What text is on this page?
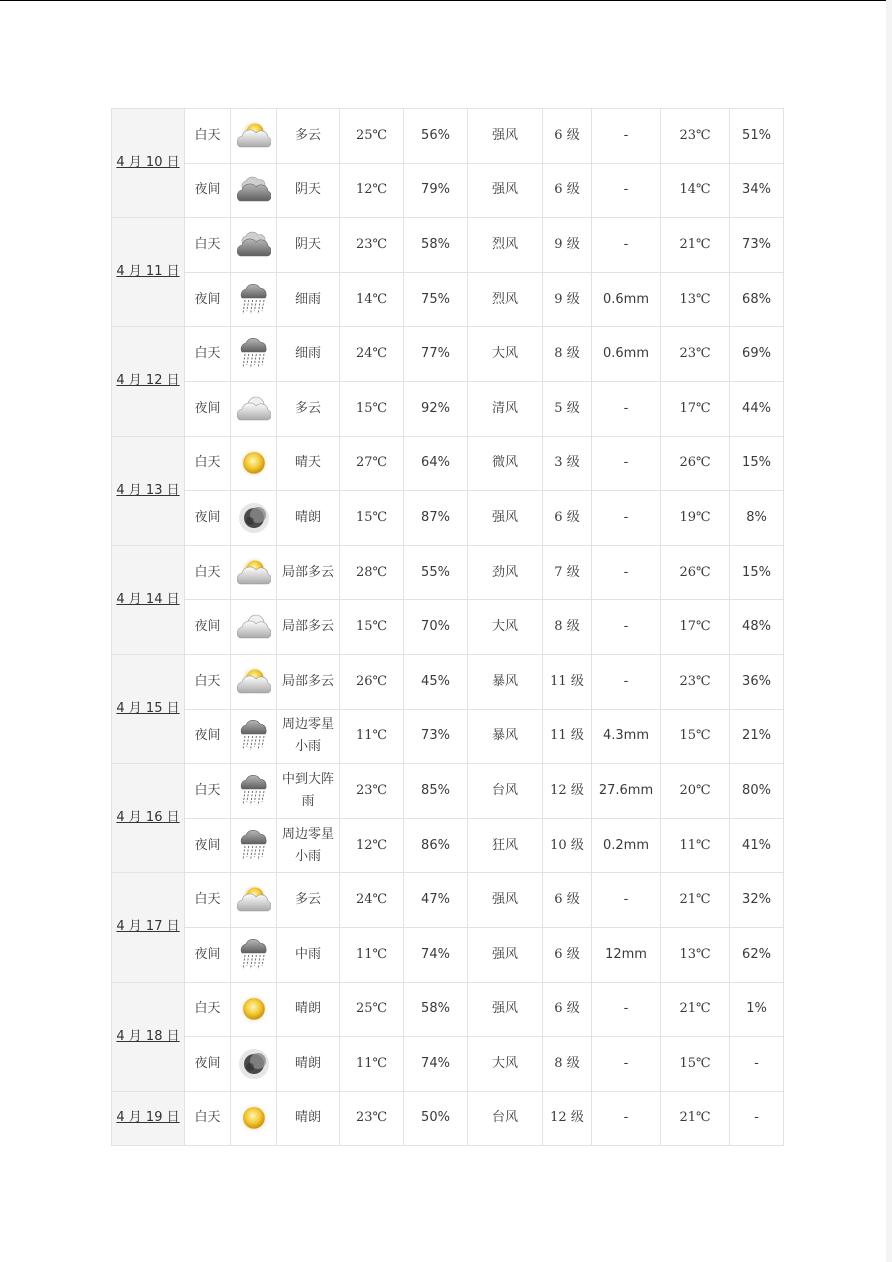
4 月 10 日	白天		多云	25℃	56%	强风	6 级	-	23℃	51%
	夜间		阴天	12℃	79%	强风	6 级	-	14℃	34%
4 月 11 日	白天		阴天	23℃	58%	烈风	9 级	-	21℃	73%
	夜间		细雨	14℃	75%	烈风	9 级	0.6mm	13℃	68%
4 月 12 日	白天		细雨	24℃	77%	大风	8 级	0.6mm	23℃	69%
	夜间		多云	15℃	92%	清风	5 级	-	17℃	44%
4 月 13 日	白天		晴天	27℃	64%	微风	3 级	-	26℃	15%
	夜间		晴朗	15℃	87%	强风	6 级	-	19℃	8%
4 月 14 日	白天		局部多云	28℃	55%	劲风	7 级	-	26℃	15%
	夜间		局部多云	15℃	70%	大风	8 级	-	17℃	48%
4 月 15 日	白天		局部多云	26℃	45%	暴风	11 级	-	23℃	36%
	夜间		周边零星小雨	11℃	73%	暴风	11 级	4.3mm	15℃	21%
4 月 16 日	白天		中到大阵雨	23℃	85%	台风	12 级	27.6mm	20℃	80%
	夜间		周边零星小雨	12℃	86%	狂风	10 级	0.2mm	11℃	41%
4 月 17 日	白天		多云	24℃	47%	强风	6 级	-	21℃	32%
	夜间		中雨	11℃	74%	强风	6 级	12mm	13℃	62%
4 月 18 日	白天		晴朗	25℃	58%	强风	6 级	-	21℃	1%
	夜间		晴朗	11℃	74%	大风	8 级	-	15℃	-
4 月 19 日	白天		晴朗	23℃	50%	台风	12 级	-	21℃	-
